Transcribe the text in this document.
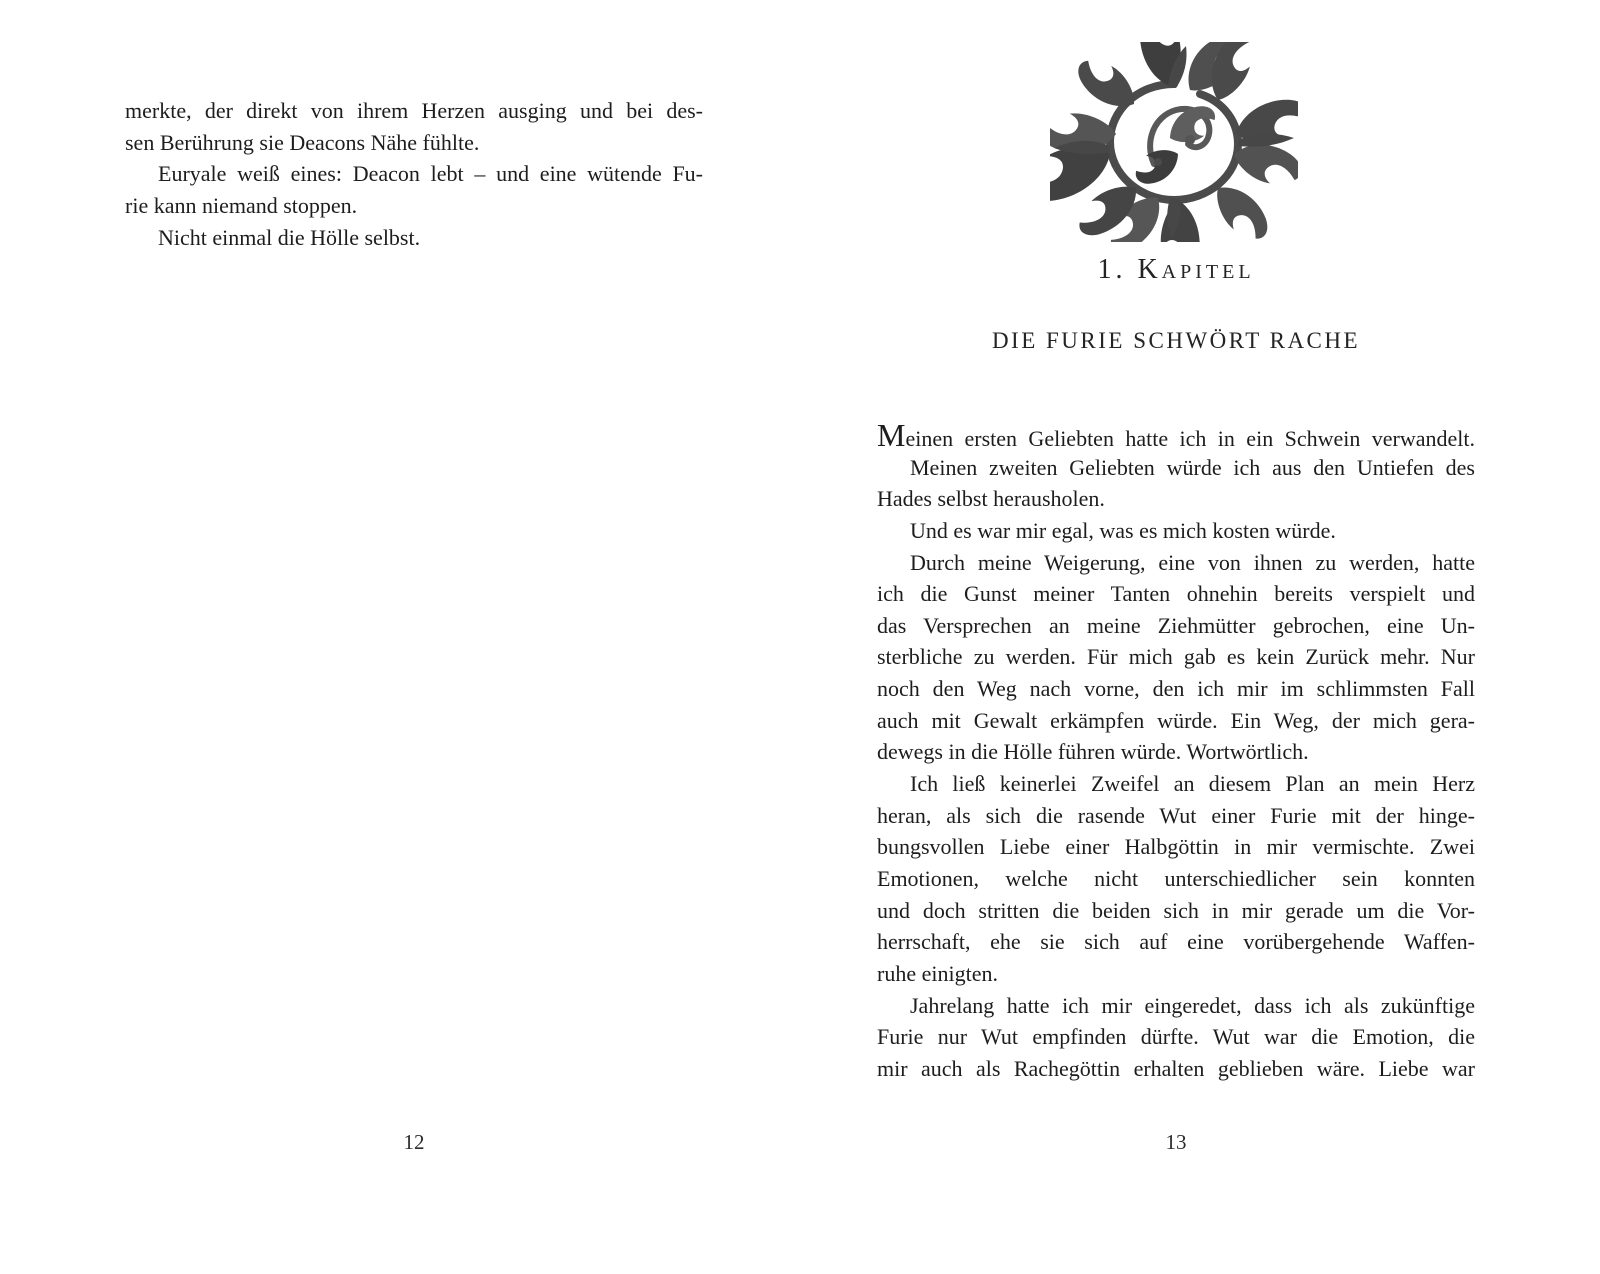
merkte, der direkt von ihrem Herzen ausging und bei des-
sen Berührung sie Deacons Nähe fühlte.
Euryale weiß eines: Deacon lebt – und eine wütende Fu-
rie kann niemand stoppen.
Nicht einmal die Hölle selbst.
12
1. Kapitel
DIE FURIE SCHWÖRT RACHE
Meinen ersten Geliebten hatte ich in ein Schwein verwandelt.
Meinen zweiten Geliebten würde ich aus den Untiefen des
Hades selbst herausholen.
Und es war mir egal, was es mich kosten würde.
Durch meine Weigerung, eine von ihnen zu werden, hatte
ich die Gunst meiner Tanten ohnehin bereits verspielt und
das Versprechen an meine Ziehmütter gebrochen, eine Un-
sterbliche zu werden. Für mich gab es kein Zurück mehr. Nur
noch den Weg nach vorne, den ich mir im schlimmsten Fall
auch mit Gewalt erkämpfen würde. Ein Weg, der mich gera-
dewegs in die Hölle führen würde. Wortwörtlich.
Ich ließ keinerlei Zweifel an diesem Plan an mein Herz
heran, als sich die rasende Wut einer Furie mit der hinge-
bungsvollen Liebe einer Halbgöttin in mir vermischte. Zwei
Emotionen, welche nicht unterschiedlicher sein konnten
und doch stritten die beiden sich in mir gerade um die Vor-
herrschaft, ehe sie sich auf eine vorübergehende Waffen-
ruhe einigten.
Jahrelang hatte ich mir eingeredet, dass ich als zukünftige
Furie nur Wut empfinden dürfte. Wut war die Emotion, die
mir auch als Rachegöttin erhalten geblieben wäre. Liebe war
13
